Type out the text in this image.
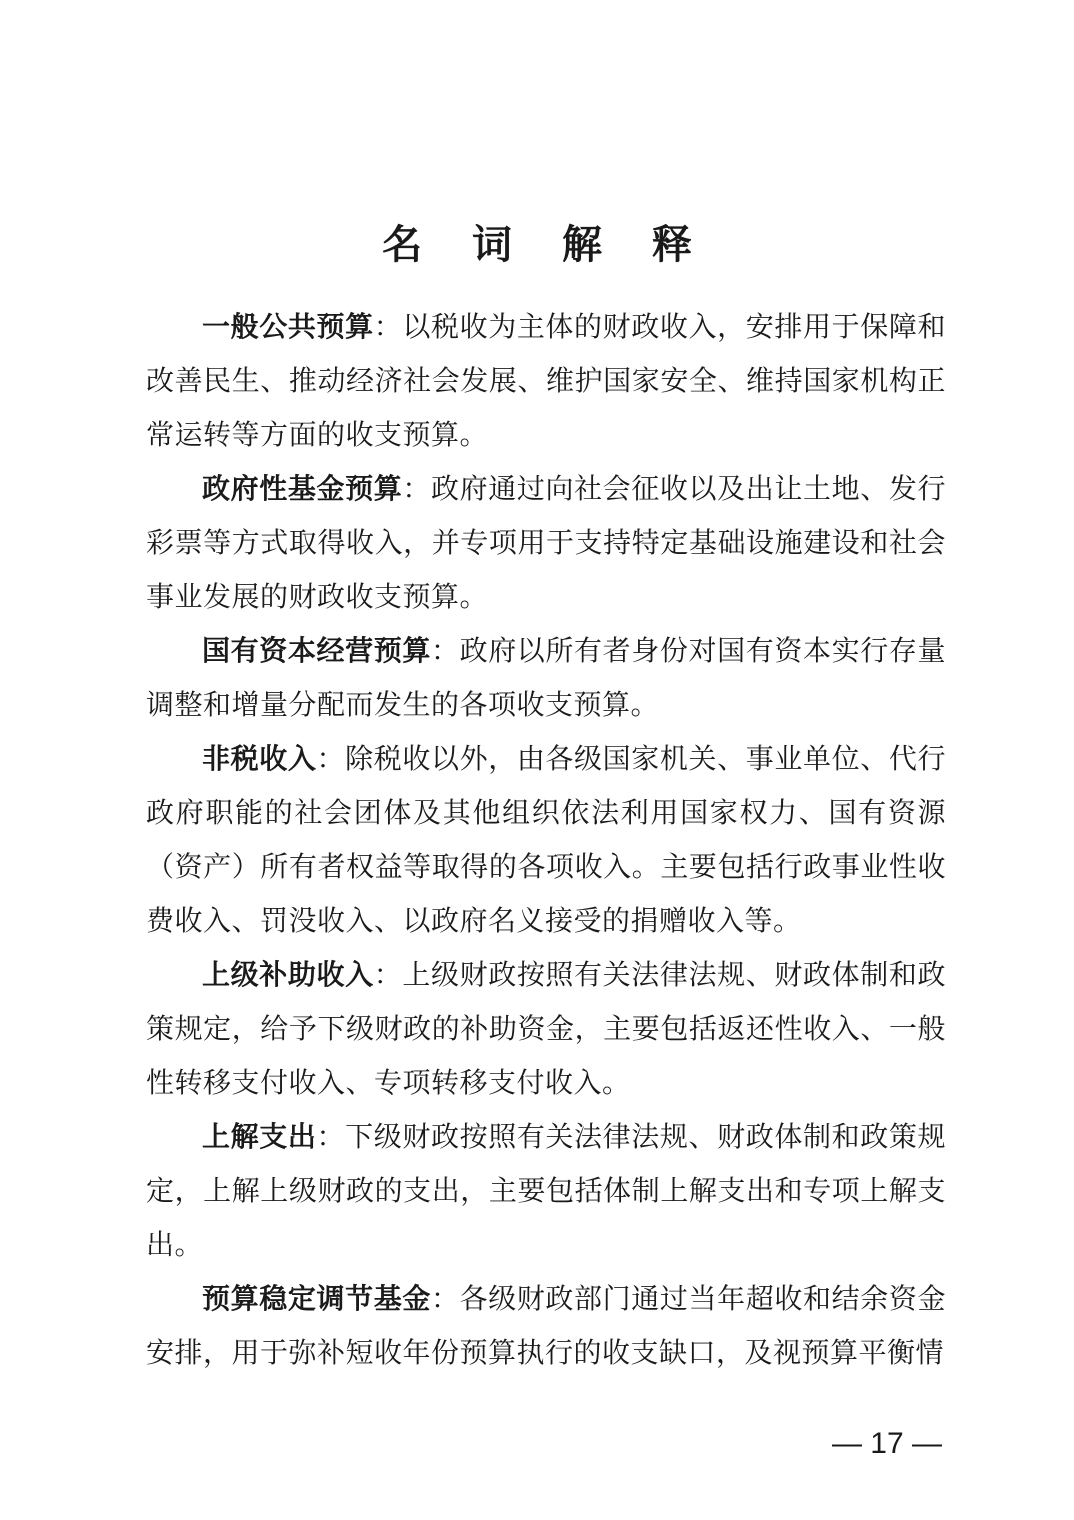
名 词 解 释

一般公共预算：以税收为主体的财政收入，安排用于保障和改善民生、推动经济社会发展、维护国家安全、维持国家机构正常运转等方面的收支预算。

政府性基金预算：政府通过向社会征收以及出让土地、发行彩票等方式取得收入，并专项用于支持特定基础设施建设和社会事业发展的财政收支预算。

国有资本经营预算：政府以所有者身份对国有资本实行存量调整和增量分配而发生的各项收支预算。

非税收入：除税收以外，由各级国家机关、事业单位、代行政府职能的社会团体及其他组织依法利用国家权力、国有资源（资产）所有者权益等取得的各项收入。主要包括行政事业性收费收入、罚没收入、以政府名义接受的捐赠收入等。

上级补助收入：上级财政按照有关法律法规、财政体制和政策规定，给予下级财政的补助资金，主要包括返还性收入、一般性转移支付收入、专项转移支付收入。

上解支出：下级财政按照有关法律法规、财政体制和政策规定，上解上级财政的支出，主要包括体制上解支出和专项上解支出。

预算稳定调节基金：各级财政部门通过当年超收和结余资金安排，用于弥补短收年份预算执行的收支缺口，及视预算平衡情

— 17 —
